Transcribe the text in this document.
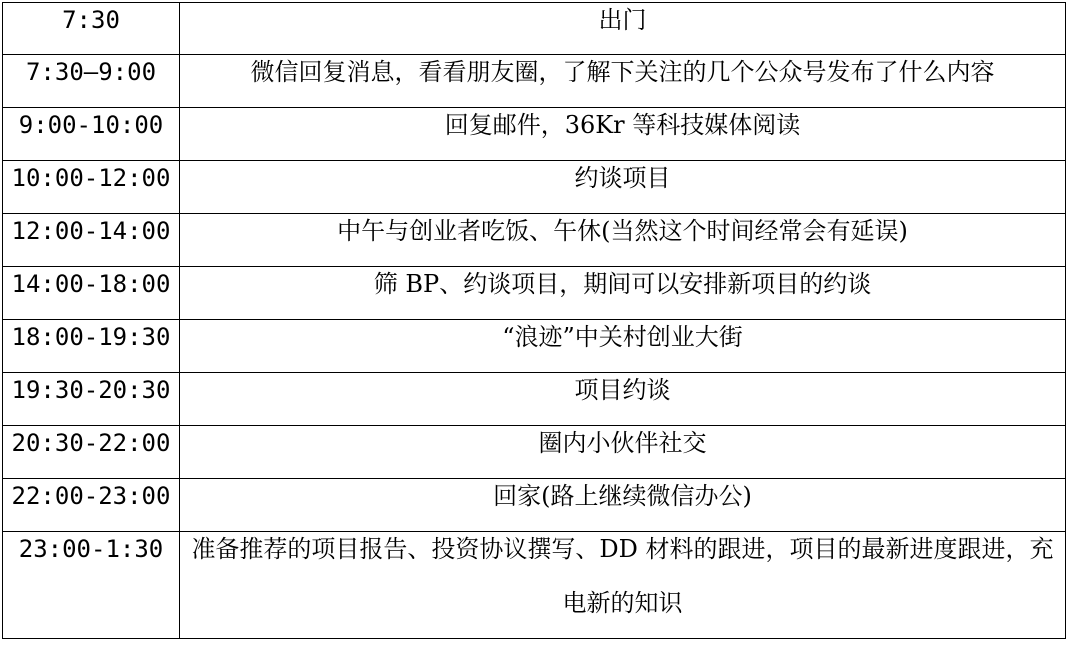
7:30	出门
7:30—9:00	微信回复消息，看看朋友圈，了解下关注的几个公众号发布了什么内容
9:00-10:00	回复邮件，36Kr 等科技媒体阅读
10:00-12:00	约谈项目
12:00-14:00	中午与创业者吃饭、午休(当然这个时间经常会有延误)
14:00-18:00	筛 BP、约谈项目，期间可以安排新项目的约谈
18:00-19:30	“浪迹”中关村创业大街
19:30-20:30	项目约谈
20:30-22:00	圈内小伙伴社交
22:00-23:00	回家(路上继续微信办公)
23:00-1:30	准备推荐的项目报告、投资协议撰写、DD 材料的跟进，项目的最新进度跟进，充电新的知识
